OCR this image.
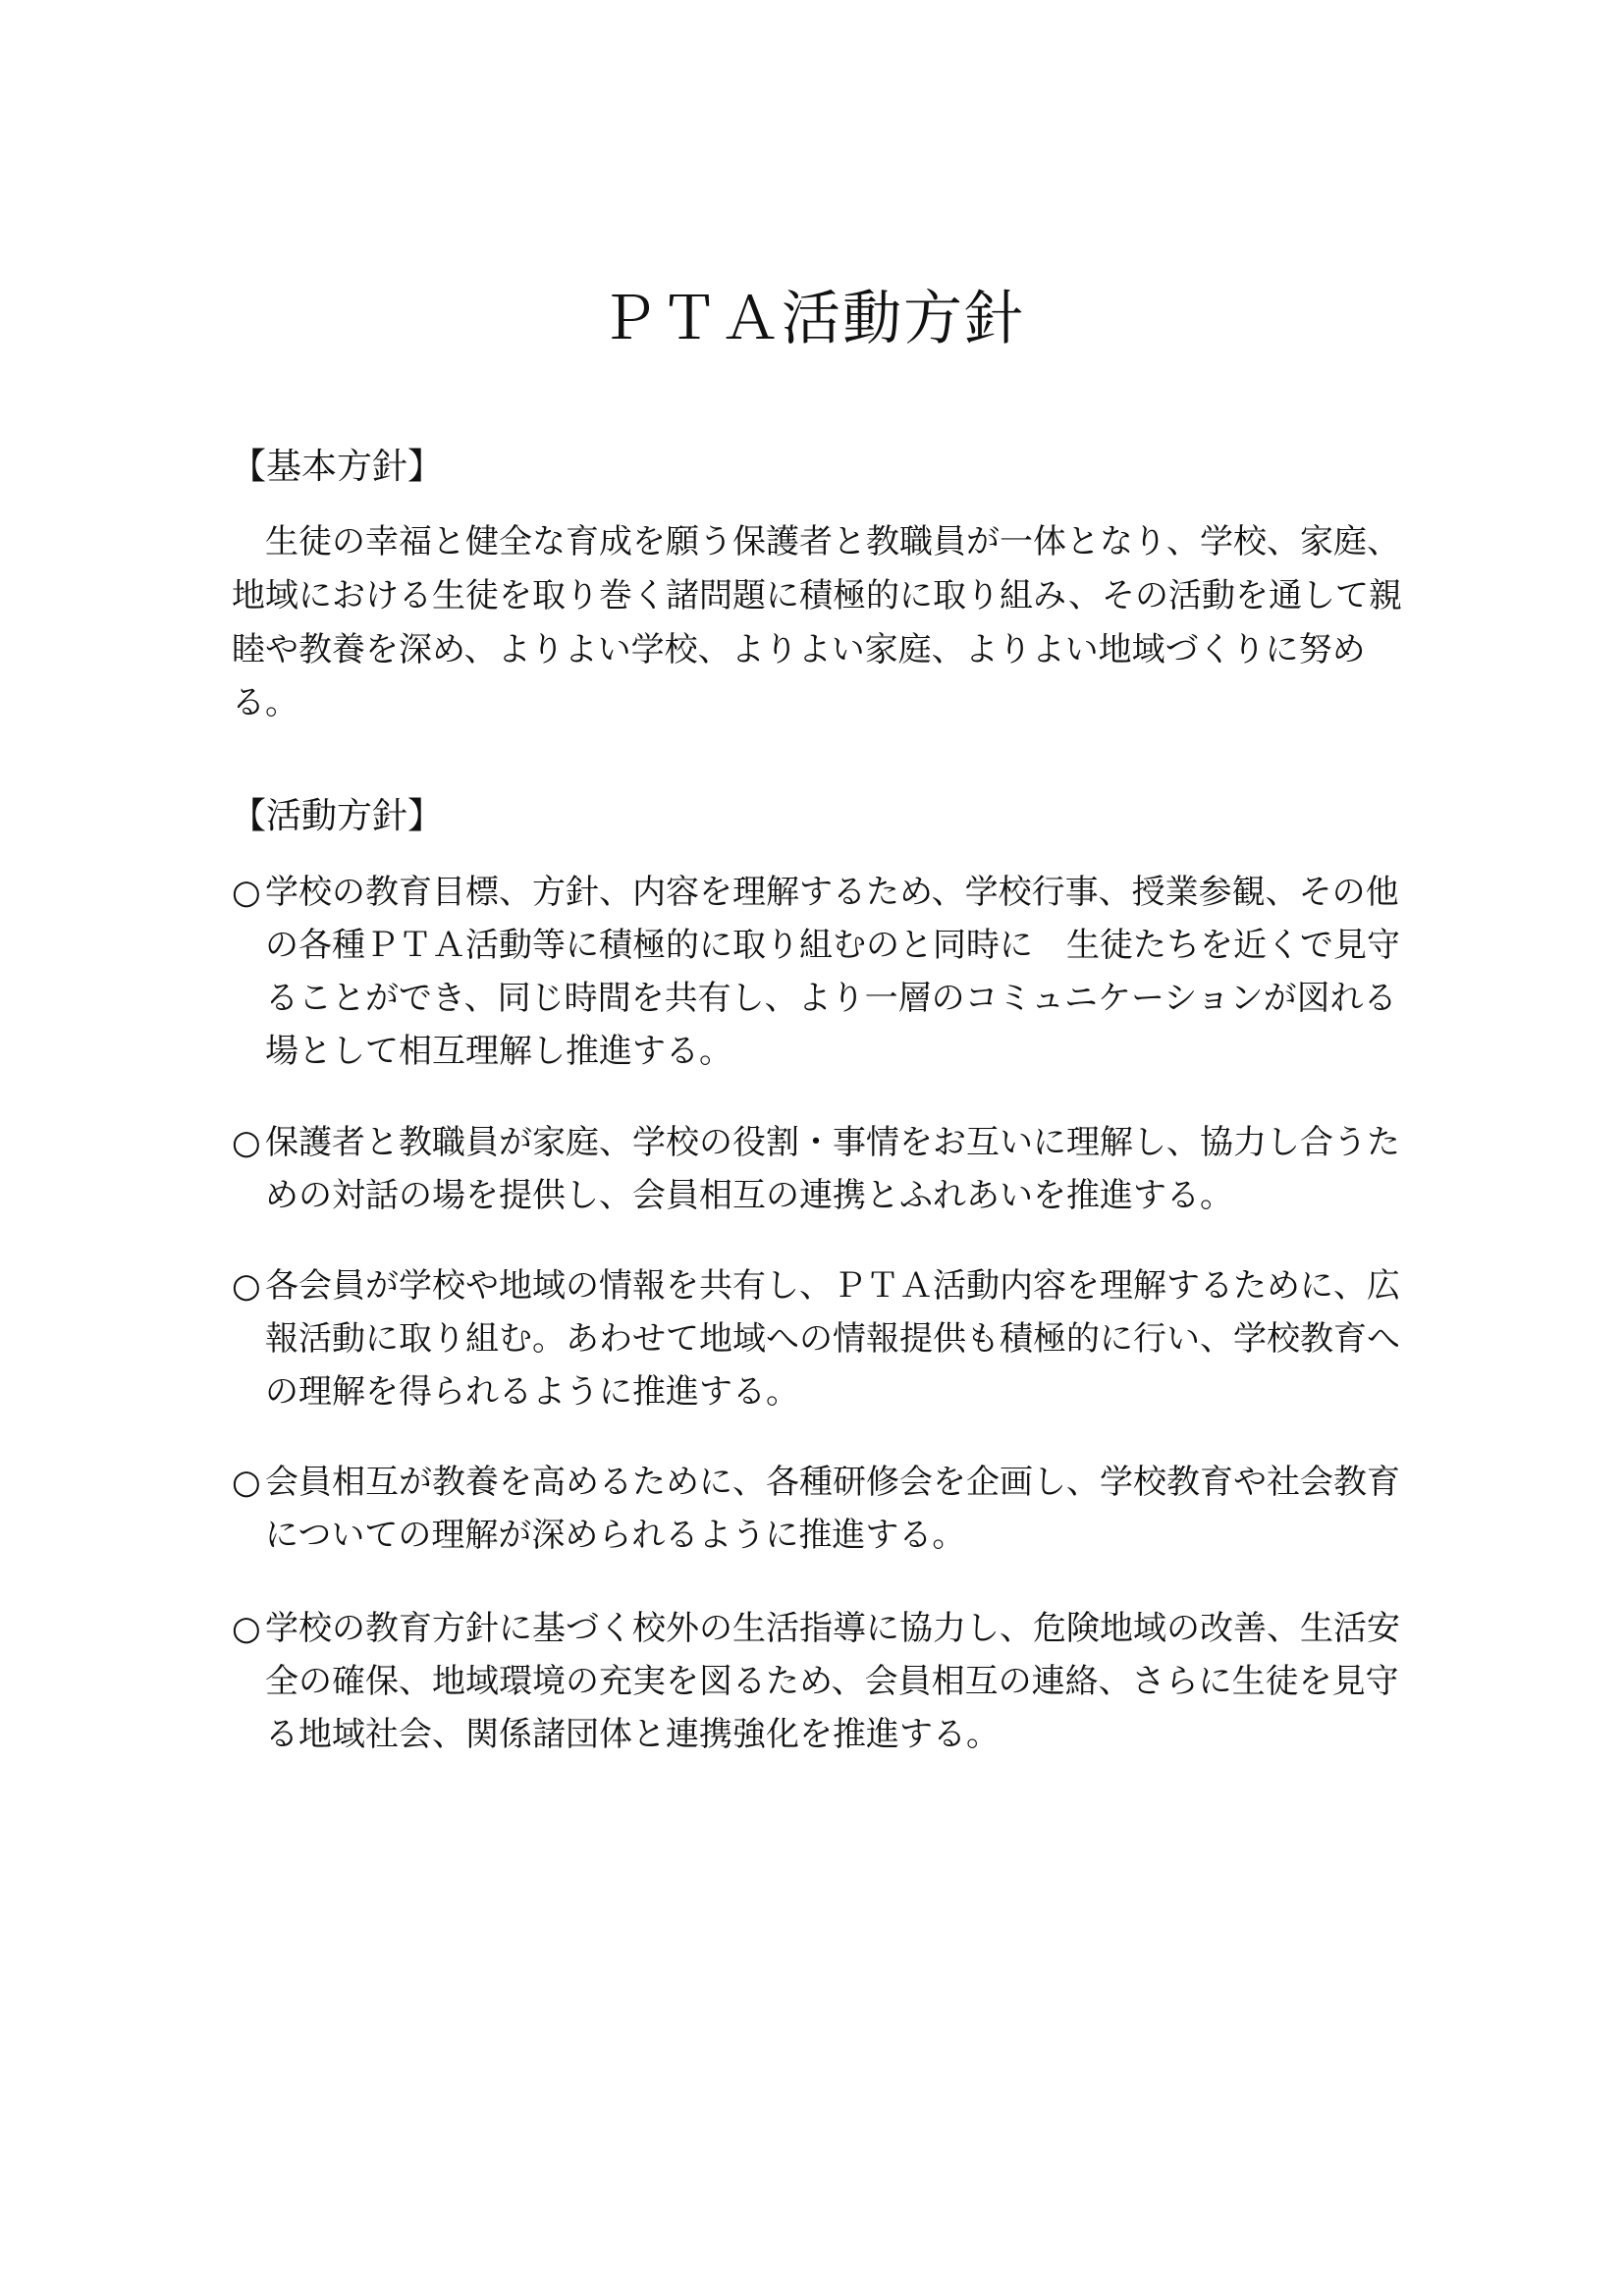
ＰＴＡ活動方針
【基本方針】
生徒の幸福と健全な育成を願う保護者と教職員が一体となり、学校、家庭、
地域における生徒を取り巻く諸問題に積極的に取り組み、その活動を通して親
睦や教養を深め、よりよい学校、よりよい家庭、よりよい地域づくりに努め
る。
【活動方針】
○ 学校の教育目標、方針、内容を理解するため、学校行事、授業参観、その他
の各種ＰＴＡ活動等に積極的に取り組むのと同時に　生徒たちを近くで見守
ることができ、同じ時間を共有し、より一層のコミュニケーションが図れる
場として相互理解し推進する。
○ 保護者と教職員が家庭、学校の役割・事情をお互いに理解し、協力し合うた
めの対話の場を提供し、会員相互の連携とふれあいを推進する。
○ 各会員が学校や地域の情報を共有し、ＰＴＡ活動内容を理解するために、広
報活動に取り組む。あわせて地域への情報提供も積極的に行い、学校教育へ
の理解を得られるように推進する。
○ 会員相互が教養を高めるために、各種研修会を企画し、学校教育や社会教育
についての理解が深められるように推進する。
○ 学校の教育方針に基づく校外の生活指導に協力し、危険地域の改善、生活安
全の確保、地域環境の充実を図るため、会員相互の連絡、さらに生徒を見守
る地域社会、関係諸団体と連携強化を推進する。
